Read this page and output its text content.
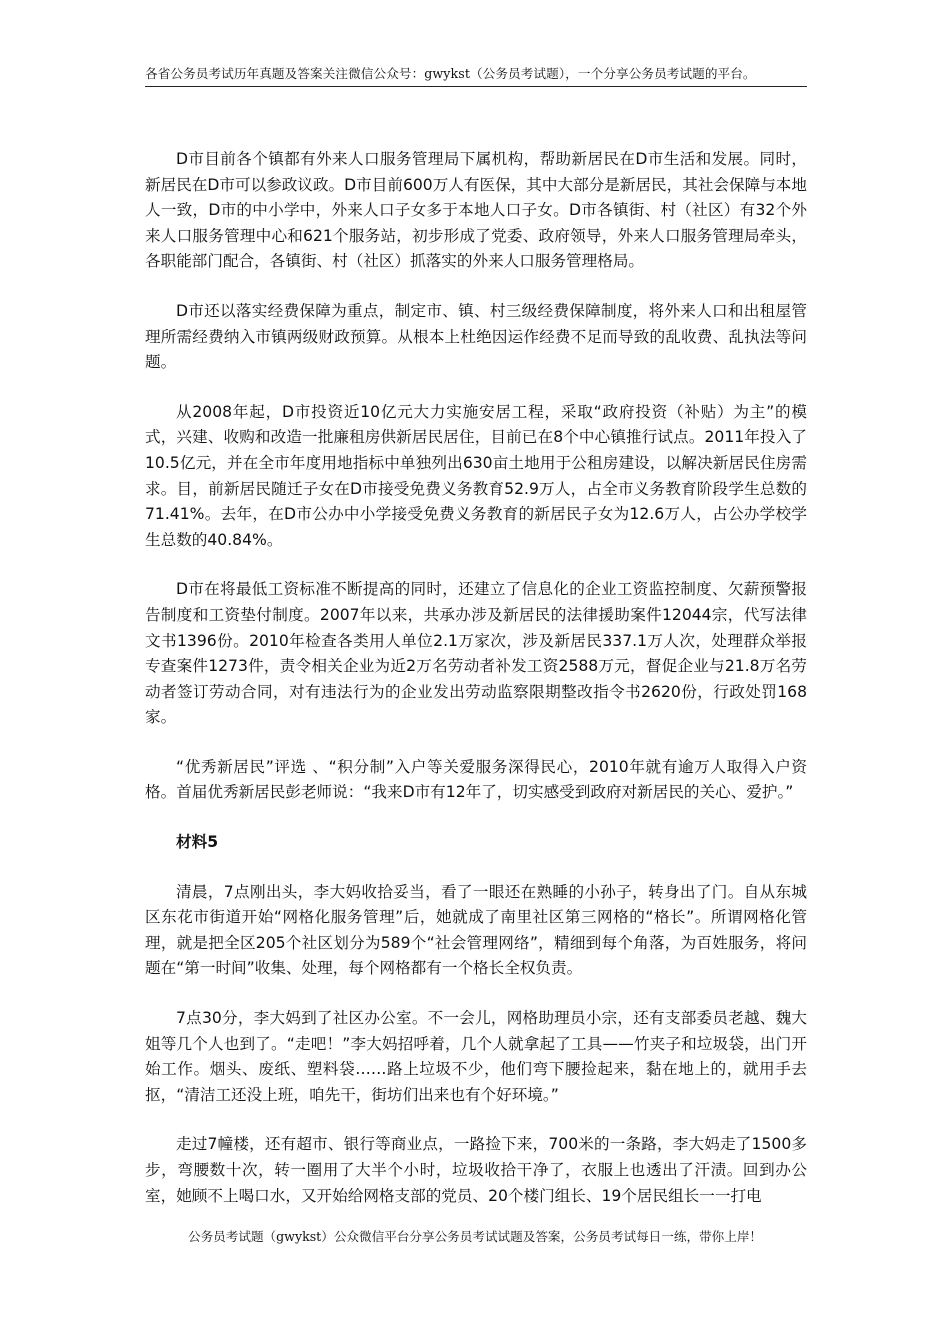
各省公务员考试历年真题及答案关注微信公众号：gwykst（公务员考试题），一个分享公务员考试题的平台。

D市目前各个镇都有外来人口服务管理局下属机构，帮助新居民在D市生活和发展。同时，新居民在D市可以参政议政。D市目前600万人有医保，其中大部分是新居民，其社会保障与本地人一致，D市的中小学中，外来人口子女多于本地人口子女。D市各镇街、村（社区）有32个外来人口服务管理中心和621个服务站，初步形成了党委、政府领导，外来人口服务管理局牵头，各职能部门配合，各镇街、村（社区）抓落实的外来人口服务管理格局。

D市还以落实经费保障为重点，制定市、镇、村三级经费保障制度，将外来人口和出租屋管理所需经费纳入市镇两级财政预算。从根本上杜绝因运作经费不足而导致的乱收费、乱执法等问题。

从2008年起，D市投资近10亿元大力实施安居工程，采取“政府投资（补贴）为主”的模式，兴建、收购和改造一批廉租房供新居民居住，目前已在8个中心镇推行试点。2011年投入了10.5亿元，并在全市年度用地指标中单独列出630亩土地用于公租房建设，以解决新居民住房需求。目，前新居民随迁子女在D市接受免费义务教育52.9万人，占全市义务教育阶段学生总数的71.41%。去年，在D市公办中小学接受免费义务教育的新居民子女为12.6万人，占公办学校学生总数的40.84%。

D市在将最低工资标准不断提高的同时，还建立了信息化的企业工资监控制度、欠薪预警报告制度和工资垫付制度。2007年以来，共承办涉及新居民的法律援助案件12044宗，代写法律文书1396份。2010年检查各类用人单位2.1万家次，涉及新居民337.1万人次，处理群众举报专查案件1273件，责令相关企业为近2万名劳动者补发工资2588万元，督促企业与21.8万名劳动者签订劳动合同，对有违法行为的企业发出劳动监察限期整改指令书2620份，行政处罚168家。

“优秀新居民”评选 、“积分制”入户等关爱服务深得民心，2010年就有逾万人取得入户资格。首届优秀新居民彭老师说：“我来D市有12年了，切实感受到政府对新居民的关心、爱护。”

材料5

清晨，7点刚出头，李大妈收拾妥当，看了一眼还在熟睡的小孙子，转身出了门。自从东城区东花市街道开始“网格化服务管理”后，她就成了南里社区第三网格的“格长”。所谓网格化管理，就是把全区205个社区划分为589个“社会管理网络”，精细到每个角落，为百姓服务，将问题在“第一时间”收集、处理，每个网格都有一个格长全权负责。

7点30分，李大妈到了社区办公室。不一会儿，网格助理员小宗，还有支部委员老越、魏大姐等几个人也到了。“走吧！”李大妈招呼着，几个人就拿起了工具——竹夹子和垃圾袋，出门开始工作。烟头、废纸、塑料袋……路上垃圾不少，他们弯下腰捡起来，黏在地上的，就用手去抠，“清洁工还没上班，咱先干，街坊们出来也有个好环境。”

走过7幢楼，还有超市、银行等商业点，一路捡下来，700米的一条路，李大妈走了1500多步，弯腰数十次，转一圈用了大半个小时，垃圾收拾干净了，衣服上也透出了汗渍。回到办公室，她顾不上喝口水，又开始给网格支部的党员、20个楼门组长、19个居民组长一一打电

公务员考试题（gwykst）公众微信平台分享公务员考试试题及答案，公务员考试每日一练，带你上岸！
